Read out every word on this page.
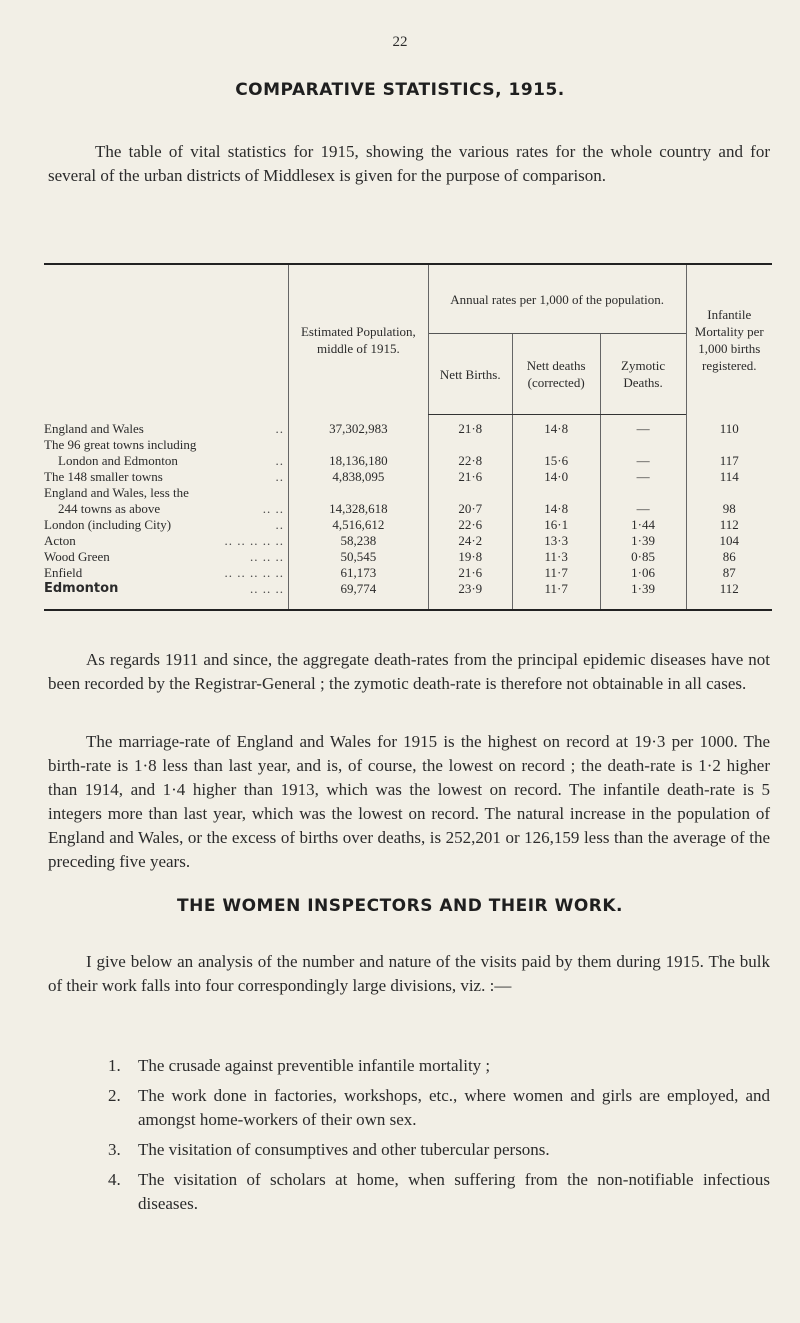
22
COMPARATIVE STATISTICS, 1915.

The table of vital statistics for 1915, showing the various rates for the whole country and for several of the urban districts of Middlesex is given for the purpose of comparison.

	Estimated Population, middle of 1915.	Annual rates per 1,000 of the population.			Infantile Mortality per 1,000 births registered.
		Nett Births.	Nett deaths (corrected)	Zymotic Deaths.	

England and Wales ..	37,302,983	21·8	14·8	—	110
The 96 great towns including					

London and Edmonton ..	18,136,180	22·8	15·6	—	117

The 148 smaller towns ..	4,838,095	21·6	14·0	—	114
England and Wales, less the					

244 towns as above .. ..	14,328,618	20·7	14·8	—	98

London (including City) ..	4,516,612	22·6	16·1	1·44	112

Acton .. .. .. .. ..	58,238	24·2	13·3	1·39	104

Wood Green .. .. ..	50,545	19·8	11·3	0·85	86

Enfield .. .. .. .. ..	61,173	21·6	11·7	1·06	87

Edmonton .. .. ..	69,774	23·9	11·7	1·39	112

As regards 1911 and since, the aggregate death-rates from the principal epidemic diseases have not been recorded by the Registrar-General ; the zymotic death-rate is therefore not obtainable in all cases.

The marriage-rate of England and Wales for 1915 is the highest on record at 19·3 per 1000. The birth-rate is 1·8 less than last year, and is, of course, the lowest on record ; the death-rate is 1·2 higher than 1914, and 1·4 higher than 1913, which was the lowest on record. The infantile death-rate is 5 integers more than last year, which was the lowest on record. The natural increase in the population of England and Wales, or the excess of births over deaths, is 252,201 or 126,159 less than the average of the preceding five years.

THE WOMEN INSPECTORS AND THEIR WORK.

I give below an analysis of the number and nature of the visits paid by them during 1915. The bulk of their work falls into four correspondingly large divisions, viz. :—

1. The crusade against preventible infantile mortality ;
2. The work done in factories, workshops, etc., where women and girls are employed, and amongst home-workers of their own sex.
3. The visitation of consumptives and other tubercular persons.
4. The visitation of scholars at home, when suffering from the non-notifiable infectious diseases.
